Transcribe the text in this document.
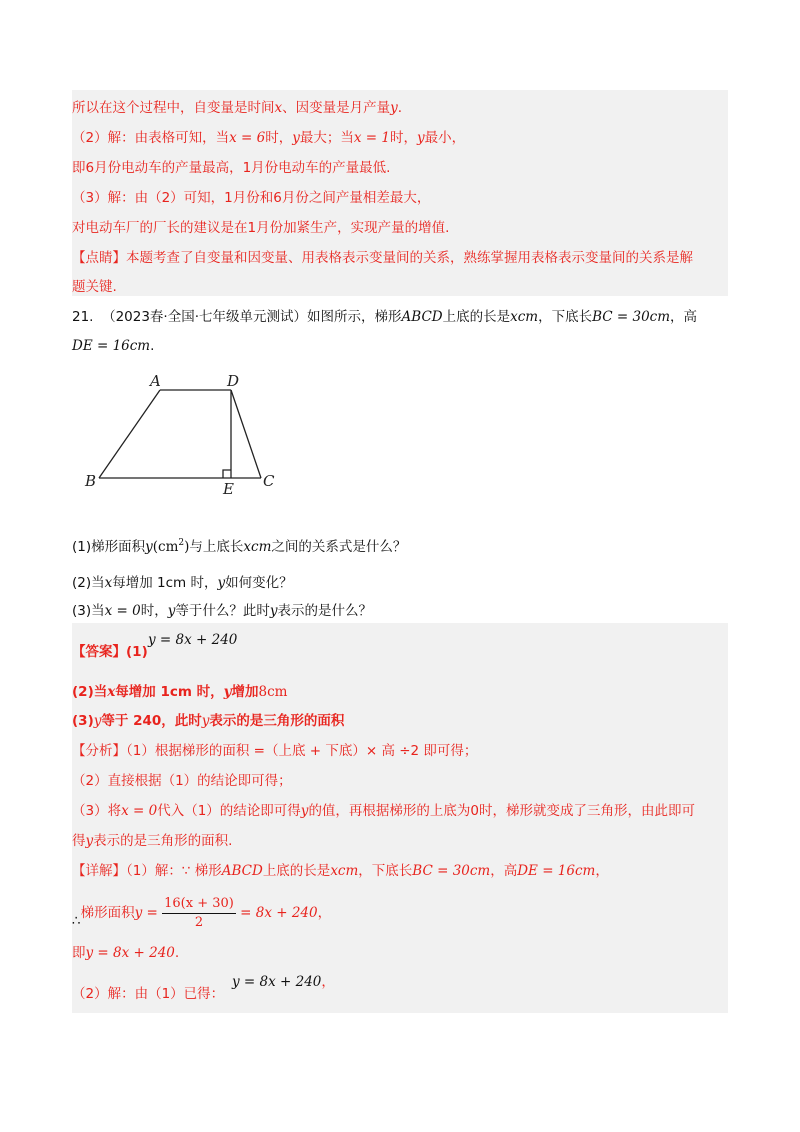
所以在这个过程中，自变量是时间x、因变量是月产量y.
（2）解：由表格可知，当x = 6时，y最大；当x = 1时，y最小，
即6月份电动车的产量最高，1月份电动车的产量最低.
（3）解：由（2）可知，1月份和6月份之间产量相差最大，
对电动车厂的厂长的建议是在1月份加紧生产，实现产量的增值.
【点睛】本题考查了自变量和因变量、用表格表示变量间的关系，熟练掌握用表格表示变量间的关系是解
题关键.
21. （2023春·全国·七年级单元测试）如图所示，梯形ABCD上底的长是xcm，下底长BC = 30cm，高
DE = 16cm.
A	D
B	E C
(1)梯形面积$y(cm^2)$与上底长xcm之间的关系式是什么？
(2)当x每增加 1cm 时，y如何变化？
(3)当x = 0时，y等于什么？此时y表示的是什么？
【答案】(1)
y = 8x + 240
(2)当x每增加 1cm 时，y增加8cm
(3)y等于 240，此时y表示的是三角形的面积
【分析】（1）根据梯形的面积 =（上底 + 下底）× 高 ÷2 即可得；
（2）直接根据（1）的结论即可得；
（3）将x = 0代入（1）的结论即可得y的值，再根据梯形的上底为0时，梯形就变成了三角形，由此即可
得y表示的是三角形的面积.
【详解】（1）解：∵ 梯形ABCD上底的长是xcm，下底长BC = 30cm，高DE = 16cm，
∴梯形面积$y = \frac{16(x + 30)}{2} = 8x + 240$，
即y = 8x + 240.
（2）解：由（1）已得：
y = 8x + 240，
